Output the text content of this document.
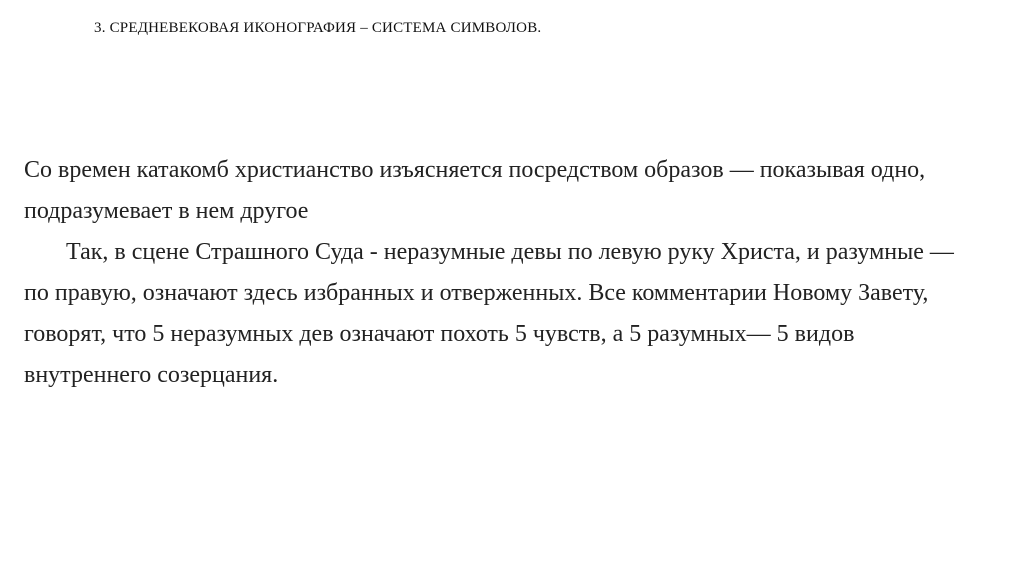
3. СРЕДНЕВЕКОВАЯ ИКОНОГРАФИЯ – СИСТЕМА СИМВОЛОВ.

Со времен катакомб христианство изъясняется посредством образов — показывая одно, подразумевает в нем другое

Так, в сцене Страшного Суда - неразумные девы по левую руку Христа, и разумные — по правую, означают здесь избранных и отверженных. Все комментарии Новому Завету, говорят, что 5 неразумных дев означают похоть 5 чувств, а 5 разумных— 5 видов внутреннего созерцания.
